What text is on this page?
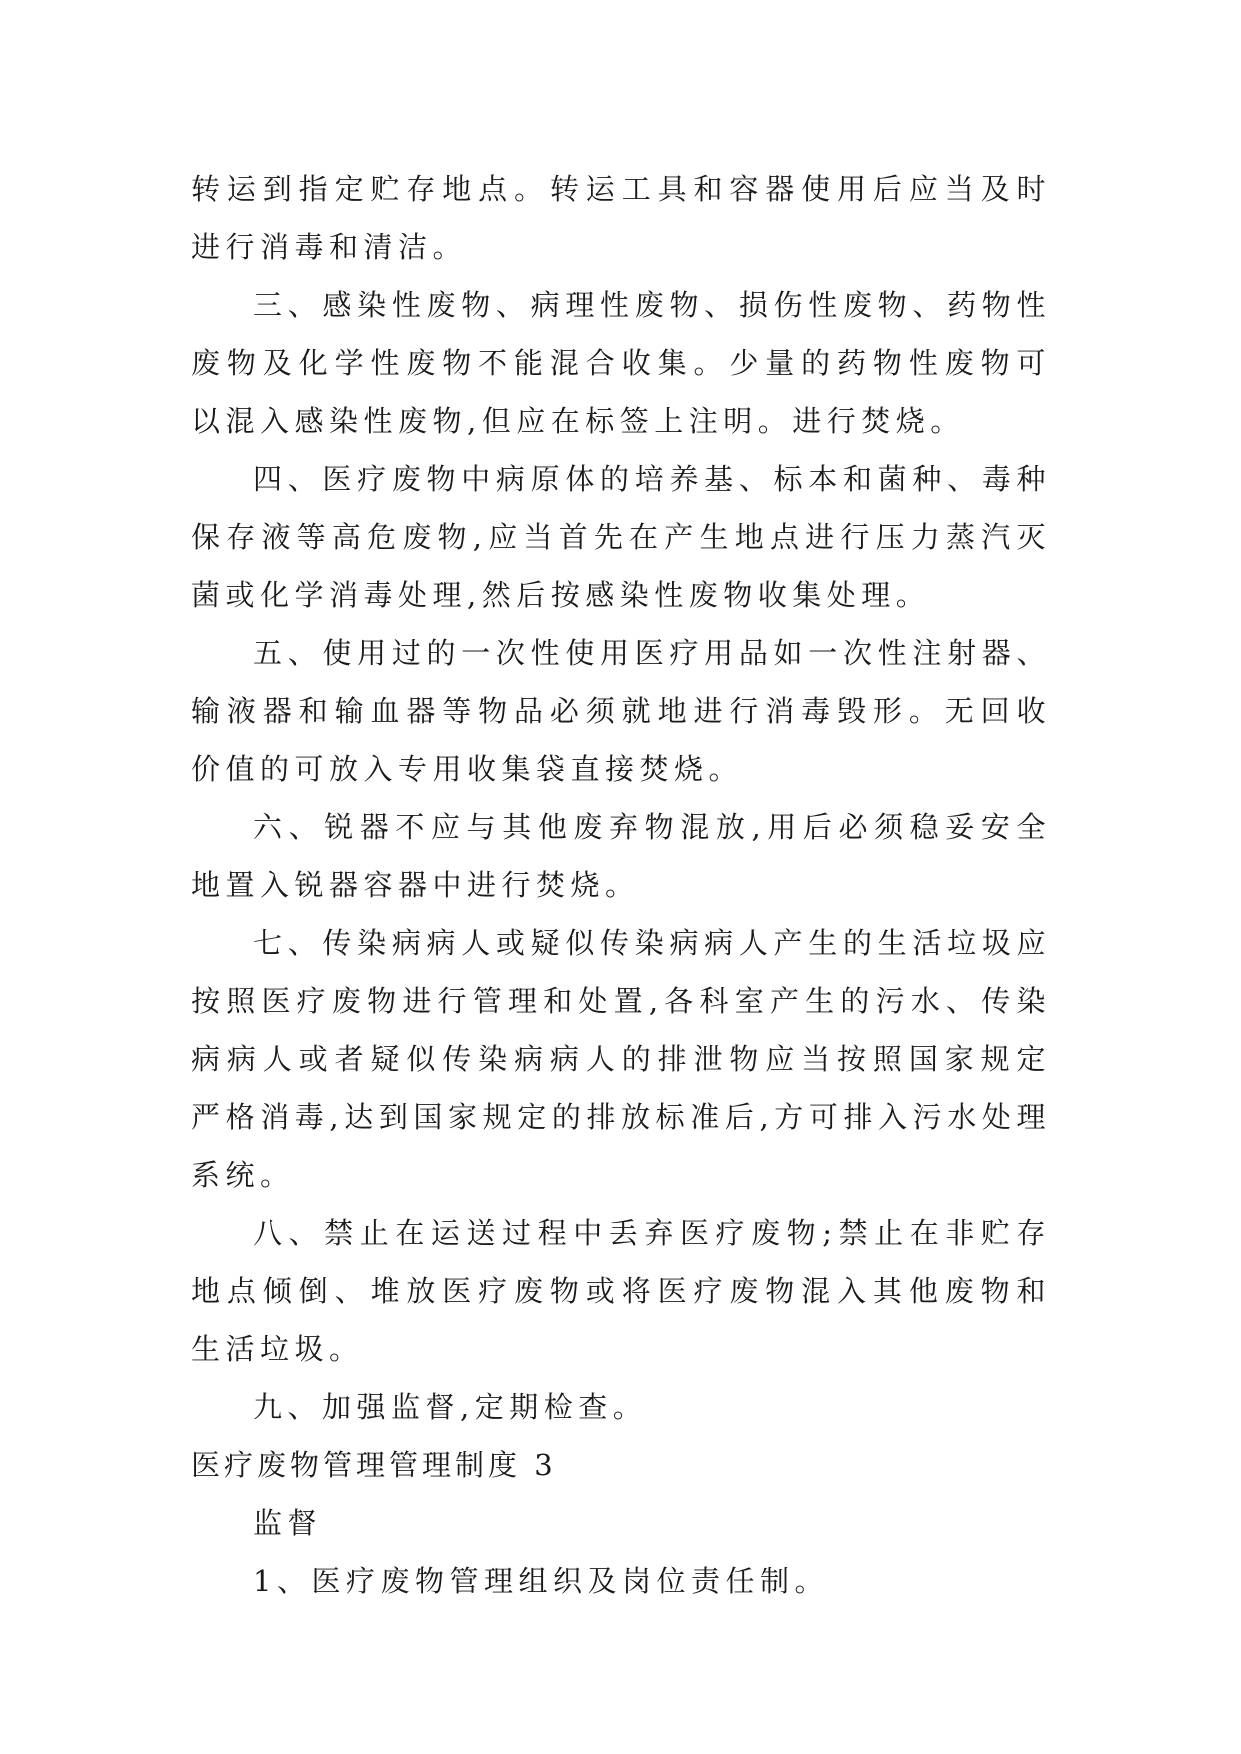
转运到指定贮存地点。转运工具和容器使用后应当及时进行消毒和清洁。

三、感染性废物、病理性废物、损伤性废物、药物性废物及化学性废物不能混合收集。少量的药物性废物可以混入感染性废物,但应在标签上注明。进行焚烧。

四、医疗废物中病原体的培养基、标本和菌种、毒种保存液等高危废物,应当首先在产生地点进行压力蒸汽灭菌或化学消毒处理,然后按感染性废物收集处理。

五、使用过的一次性使用医疗用品如一次性注射器、输液器和输血器等物品必须就地进行消毒毁形。无回收价值的可放入专用收集袋直接焚烧。

六、锐器不应与其他废弃物混放,用后必须稳妥安全地置入锐器容器中进行焚烧。

七、传染病病人或疑似传染病病人产生的生活垃圾应按照医疗废物进行管理和处置,各科室产生的污水、传染病病人或者疑似传染病病人的排泄物应当按照国家规定严格消毒,达到国家规定的排放标准后,方可排入污水处理系统。

八、禁止在运送过程中丢弃医疗废物;禁止在非贮存地点倾倒、堆放医疗废物或将医疗废物混入其他废物和生活垃圾。

九、加强监督,定期检查。

医疗废物管理管理制度 3

监督

1、医疗废物管理组织及岗位责任制。
